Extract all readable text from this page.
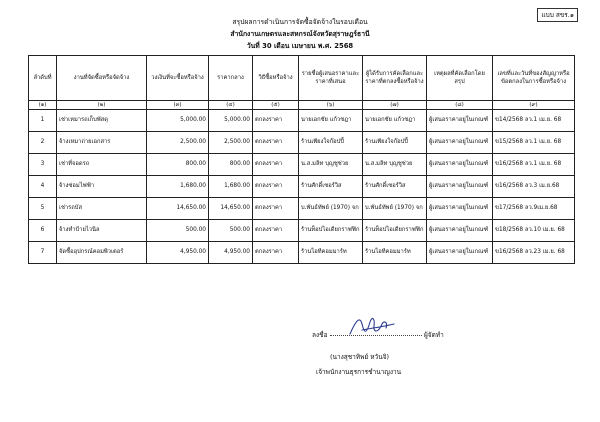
แบบ สขร.๑
สรุปผลการดำเนินการจัดซื้อจัดจ้างในรอบเดือน
สำนักงานเกษตรและสหกรณ์จังหวัดสุราษฎร์ธานี
วันที่ 30 เดือน เมษายน พ.ศ. 2568
ลำดับที่	งานที่จัดซื้อหรือจัดจ้าง	วงเงินที่จะซื้อหรือจ้าง	ราคากลาง	วิธีซื้อหรือจ้าง	รายชื่อผู้เสนอราคาและราคาที่เสนอ	ผู้ได้รับการคัดเลือกและราคาที่ตกลงซื้อหรือจ้าง	เหตุผลที่คัดเลือกโดยสรุป	เลขที่และวันที่ของสัญญาหรือข้อตกลงในการซื้อหรือจ้าง
(๑)	(๒)	(๓)	(๔)	(๕)	(๖)	(๗)	(๘)	(๙)
1	เช่าเหมารถเก็บพัสดุ	5,000.00	5,000.00	ตกลงราคา	นายเอกชัย แก้วชฎา	นายเอกชัย แก้วชฎา	ผู้เสนอราคาอยู่ในเกณฑ์	ข14/2568 ลว.1 เม.ย. 68
2	จ้างเหมาถ่ายเอกสาร	2,500.00	2,500.00	ตกลงราคา	ร้านเพียงใจก๊อปปี้	ร้านเพียงใจก๊อปปี้	ผู้เสนอราคาอยู่ในเกณฑ์	ข15/2568 ลว.1 เม.ย. 68
3	เช่าที่จอดรถ	800.00	800.00	ตกลงราคา	น.ส.มลิท บุญชูช่วย	น.ส.มลิท บุญชูช่วย	ผู้เสนอราคาอยู่ในเกณฑ์	ข16/2568 ลว.1 เม.ย. 68
4	จ้างซ่อมไฟฟ้า	1,680.00	1,680.00	ตกลงราคา	ร้านศักดิ์เซอร์วิส	ร้านศักดิ์เซอร์วิส	ผู้เสนอราคาอยู่ในเกณฑ์	ข16/2568 ลว.3 เม.ย.68
5	เช่ารถบัส	14,650.00	14,650.00	ตกลงราคา	บ.พันธ์ทัพย์ (1970) จก	บ.พันธ์ทัพย์ (1970) จก	ผู้เสนอราคาอยู่ในเกณฑ์	ข17/2568 ลว.9เม.ย.68
6	จ้างทำป้ายไวนิล	500.00	500.00	ตกลงราคา	ร้านท็อปไอเดียกราฟฟิก	ร้านท็อปไอเดียกราฟฟิก	ผู้เสนอราคาอยู่ในเกณฑ์	ข18/2568 ลว.10 เม.ย. 68
7	จัดซื้ออุปกรณ์คอมพิวเตอร์	4,950.00	4,950.00	ตกลงราคา	ร้านไอทีคอมมาร์ท	ร้านไอทีคอมมาร์ท	ผู้เสนอราคาอยู่ในเกณฑ์	ข16/2568 ลว.23 เม.ย. 68
ลงชื่อ	ผู้จัดทำ
(นางสุชาทิพย์ หวันจิ)
เจ้าพนักงานธุรการชำนาญงาน
